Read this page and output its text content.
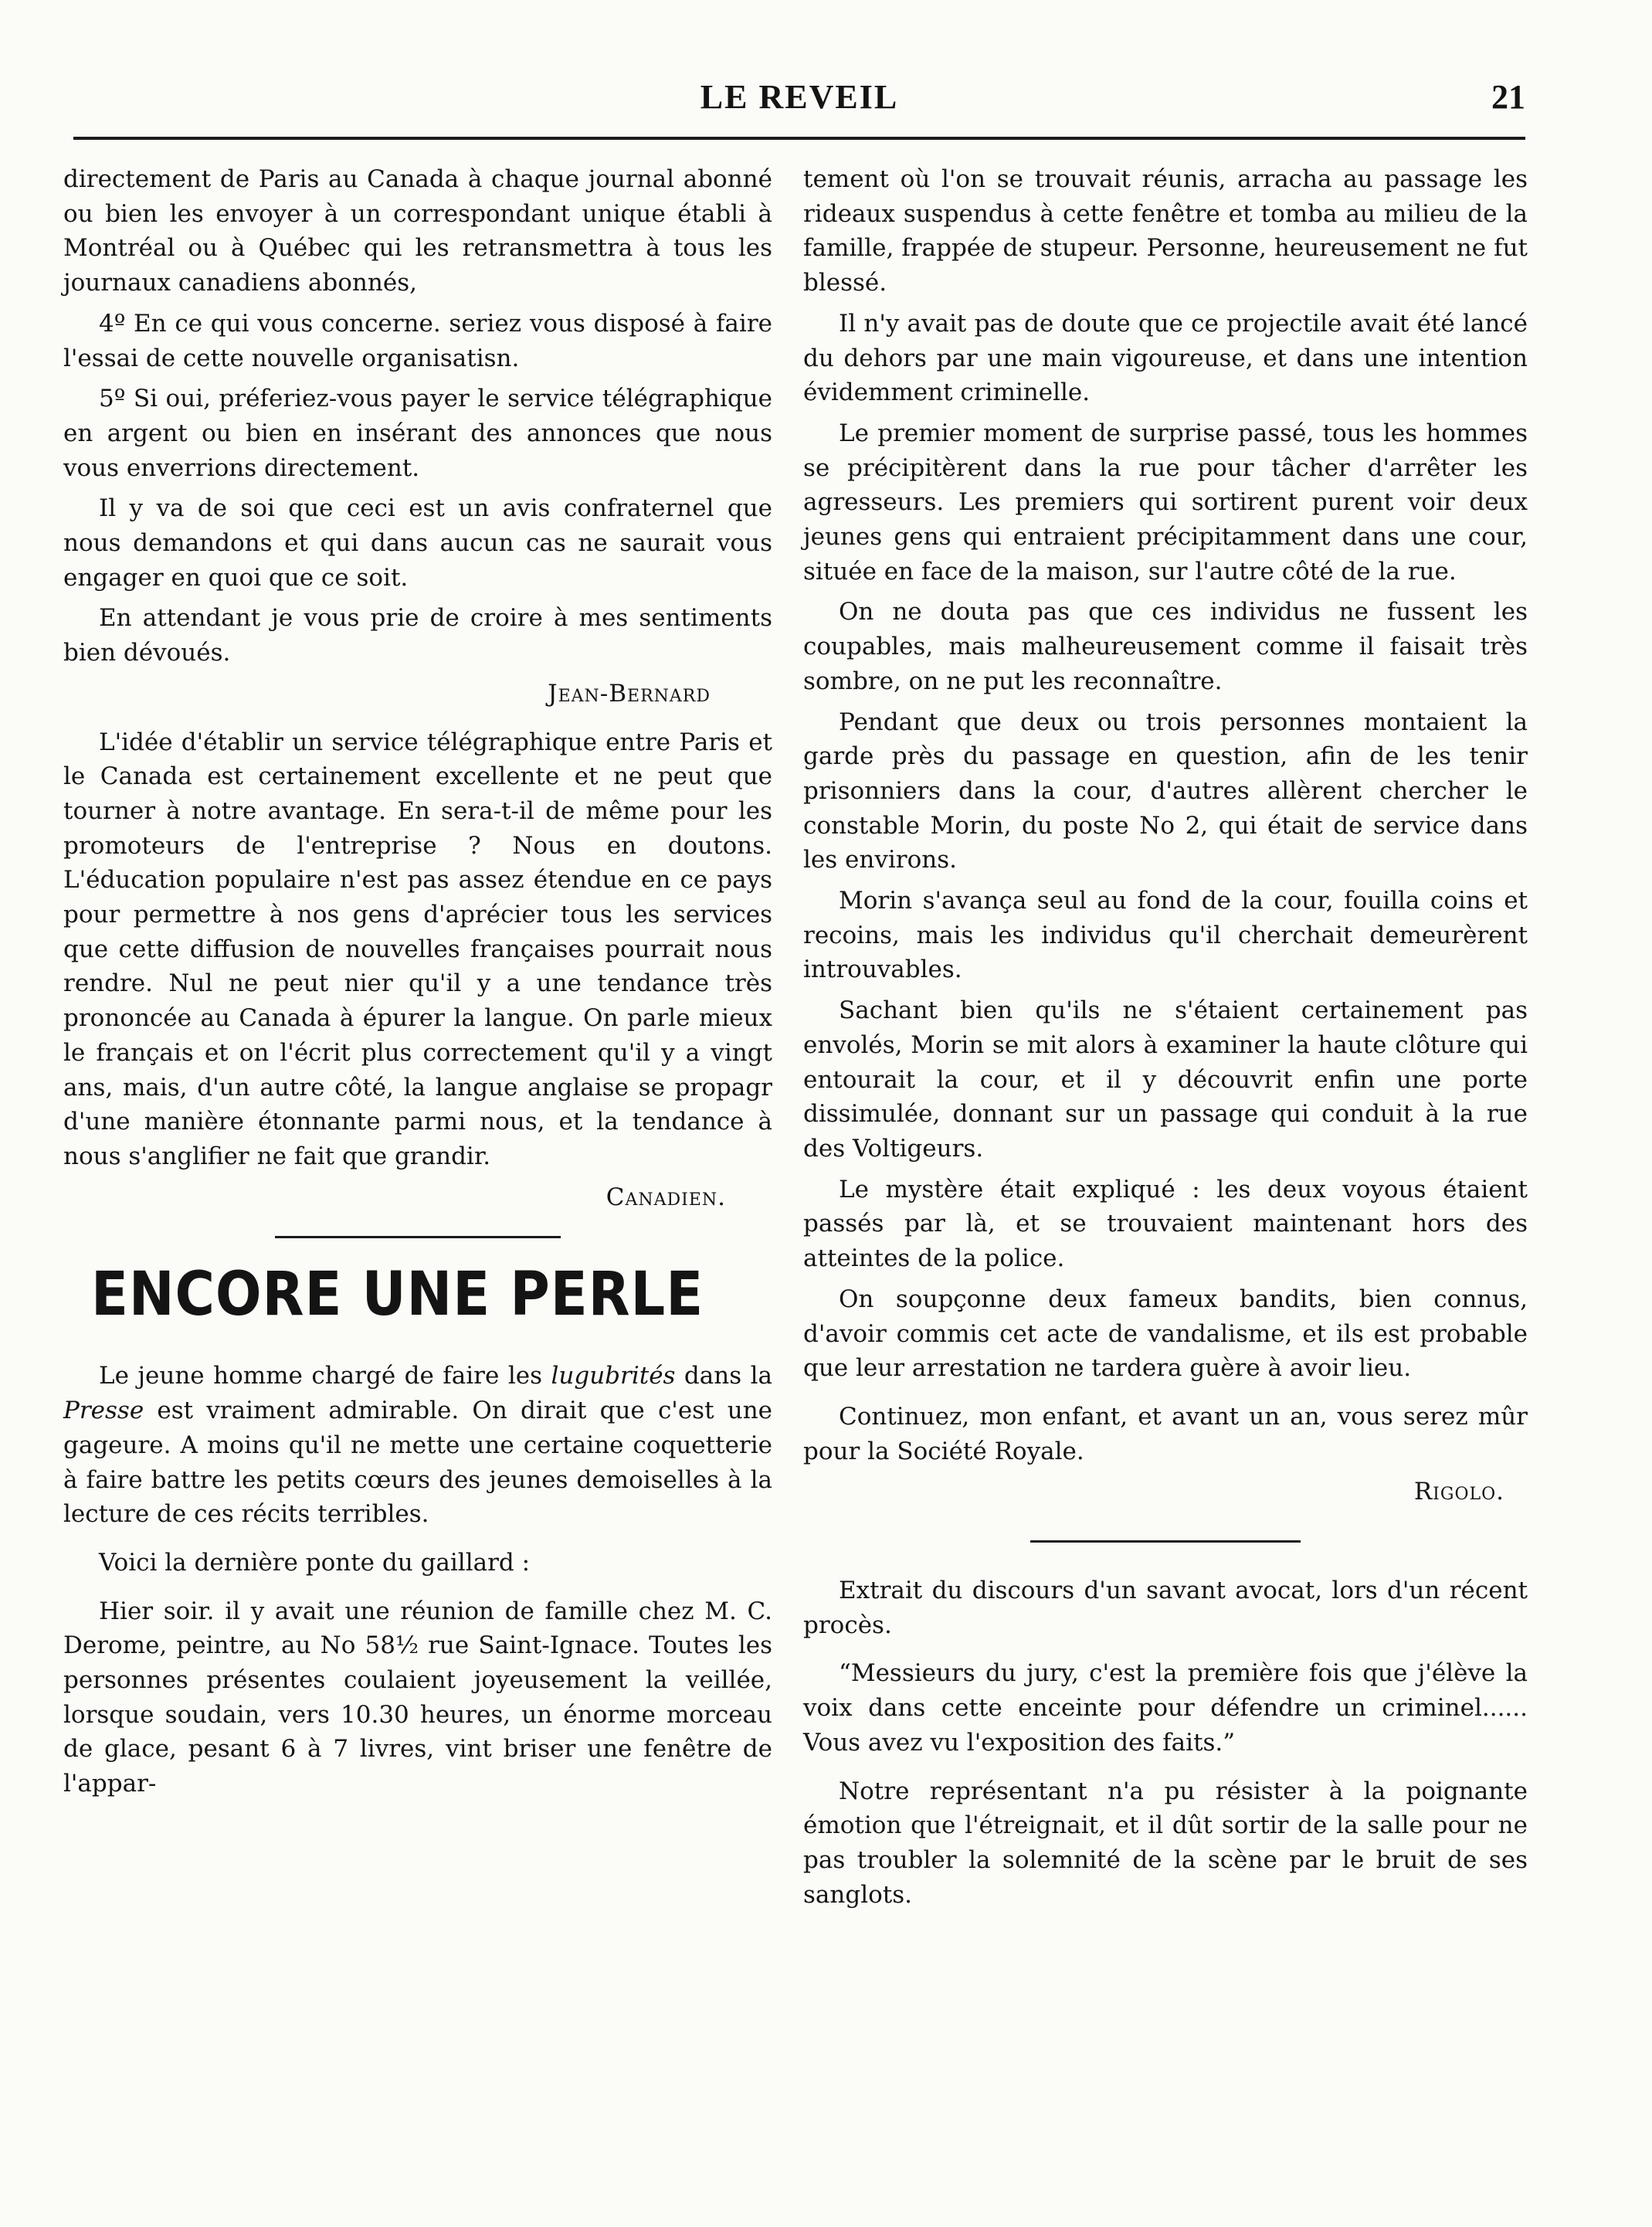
LE REVEIL	21

directement de Paris au Canada à chaque journal abonné ou bien les envoyer à un correspondant unique établi à Montréal ou à Québec qui les retransmettra à tous les journaux canadiens abonnés,

4º En ce qui vous concerne. seriez vous disposé à faire l'essai de cette nouvelle organisatisn.

5º Si oui, préferiez-vous payer le service télégraphique en argent ou bien en insérant des annonces que nous vous enverrions directement.

Il y va de soi que ceci est un avis confraternel que nous demandons et qui dans aucun cas ne saurait vous engager en quoi que ce soit.

En attendant je vous prie de croire à mes sentiments bien dévoués.

Jean-Bernard

L'idée d'établir un service télégraphique entre Paris et le Canada est certainement excellente et ne peut que tourner à notre avantage. En sera-t-il de même pour les promoteurs de l'entreprise ? Nous en doutons. L'éducation populaire n'est pas assez étendue en ce pays pour permettre à nos gens d'aprécier tous les services que cette diffusion de nouvelles françaises pourrait nous rendre. Nul ne peut nier qu'il y a une tendance très prononcée au Canada à épurer la langue. On parle mieux le français et on l'écrit plus correctement qu'il y a vingt ans, mais, d'un autre côté, la langue anglaise se propagr d'une manière étonnante parmi nous, et la tendance à nous s'anglifier ne fait que grandir.

Canadien.
ENCORE UNE PERLE

Le jeune homme chargé de faire les lugubrités dans la Presse est vraiment admirable. On dirait que c'est une gageure. A moins qu'il ne mette une certaine coquetterie à faire battre les petits cœurs des jeunes demoiselles à la lecture de ces récits terribles.

Voici la dernière ponte du gaillard :

Hier soir. il y avait une réunion de famille chez M. C. Derome, peintre, au No 58½ rue Saint-Ignace. Toutes les personnes présentes coulaient joyeusement la veillée, lorsque soudain, vers 10.30 heures, un énorme morceau de glace, pesant 6 à 7 livres, vint briser une fenêtre de l'appar-

tement où l'on se trouvait réunis, arracha au passage les rideaux suspendus à cette fenêtre et tomba au milieu de la famille, frappée de stupeur. Personne, heureusement ne fut blessé.

Il n'y avait pas de doute que ce projectile avait été lancé du dehors par une main vigoureuse, et dans une intention évidemment criminelle.

Le premier moment de surprise passé, tous les hommes se précipitèrent dans la rue pour tâcher d'arrêter les agresseurs. Les premiers qui sortirent purent voir deux jeunes gens qui entraient précipitamment dans une cour, située en face de la maison, sur l'autre côté de la rue.

On ne douta pas que ces individus ne fussent les coupables, mais malheureusement comme il faisait très sombre, on ne put les reconnaître.

Pendant que deux ou trois personnes montaient la garde près du passage en question, afin de les tenir prisonniers dans la cour, d'autres allèrent chercher le constable Morin, du poste No 2, qui était de service dans les environs.

Morin s'avança seul au fond de la cour, fouilla coins et recoins, mais les individus qu'il cherchait demeurèrent introuvables.

Sachant bien qu'ils ne s'étaient certainement pas envolés, Morin se mit alors à examiner la haute clôture qui entourait la cour, et il y découvrit enfin une porte dissimulée, donnant sur un passage qui conduit à la rue des Voltigeurs.

Le mystère était expliqué : les deux voyous étaient passés par là, et se trouvaient maintenant hors des atteintes de la police.

On soupçonne deux fameux bandits, bien connus, d'avoir commis cet acte de vandalisme, et ils est probable que leur arrestation ne tardera guère à avoir lieu.

Continuez, mon enfant, et avant un an, vous serez mûr pour la Société Royale.

Rigolo.

Extrait du discours d'un savant avocat, lors d'un récent procès.

“Messieurs du jury, c'est la première fois que j'élève la voix dans cette enceinte pour défendre un criminel...... Vous avez vu l'exposition des faits.”

Notre représentant n'a pu résister à la poignante émotion que l'étreignait, et il dût sortir de la salle pour ne pas troubler la solemnité de la scène par le bruit de ses sanglots.
